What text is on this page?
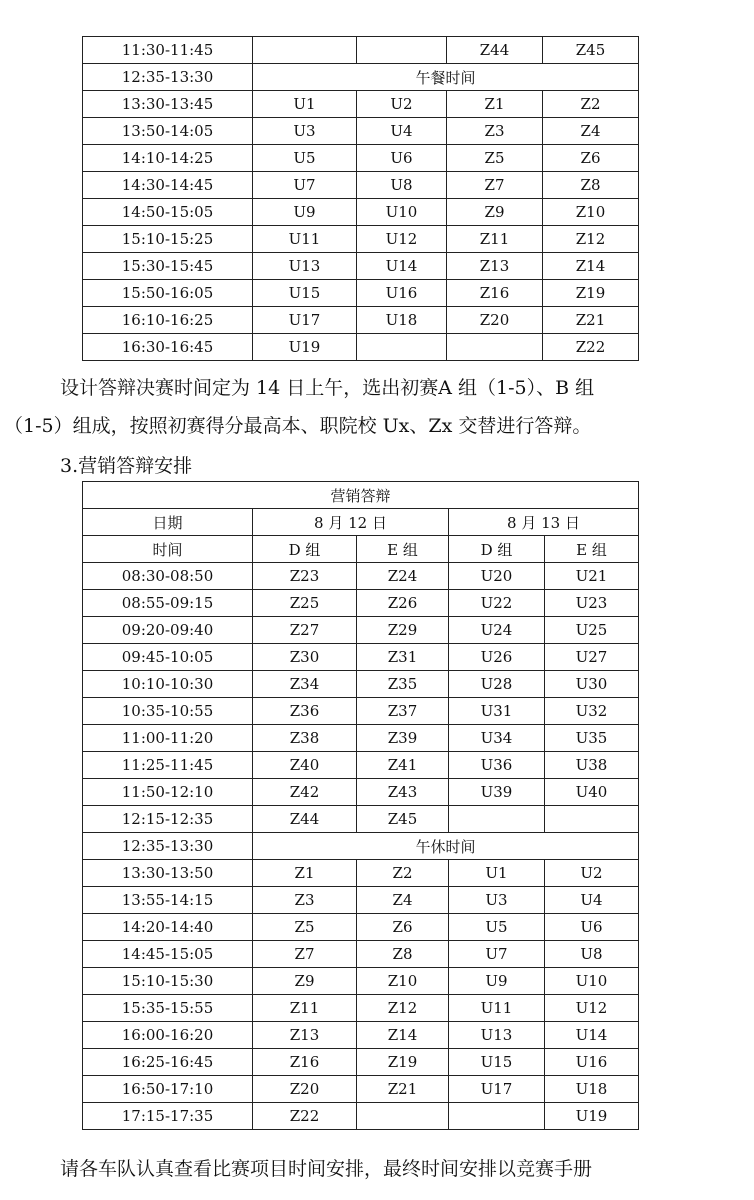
11:30-11:45			Z44	Z45
12:35-13:30	午餐时间			
13:30-13:45	U1	U2	Z1	Z2
13:50-14:05	U3	U4	Z3	Z4
14:10-14:25	U5	U6	Z5	Z6
14:30-14:45	U7	U8	Z7	Z8
14:50-15:05	U9	U10	Z9	Z10
15:10-15:25	U11	U12	Z11	Z12
15:30-15:45	U13	U14	Z13	Z14
15:50-16:05	U15	U16	Z16	Z19
16:10-16:25	U17	U18	Z20	Z21
16:30-16:45	U19			Z22
设计答辩决赛时间定为 14 日上午，选出初赛A 组（1-5）、B 组
（1-5）组成，按照初赛得分最高本、职院校 Ux、Zx 交替进行答辩。
3.营销答辩安排
营销答辩				
日期	8 月 12 日		8 月 13 日	
时间	D 组	E 组	D 组	E 组
08:30-08:50	Z23	Z24	U20	U21
08:55-09:15	Z25	Z26	U22	U23
09:20-09:40	Z27	Z29	U24	U25
09:45-10:05	Z30	Z31	U26	U27
10:10-10:30	Z34	Z35	U28	U30
10:35-10:55	Z36	Z37	U31	U32
11:00-11:20	Z38	Z39	U34	U35
11:25-11:45	Z40	Z41	U36	U38
11:50-12:10	Z42	Z43	U39	U40
12:15-12:35	Z44	Z45		
12:35-13:30	午休时间			
13:30-13:50	Z1	Z2	U1	U2
13:55-14:15	Z3	Z4	U3	U4
14:20-14:40	Z5	Z6	U5	U6
14:45-15:05	Z7	Z8	U7	U8
15:10-15:30	Z9	Z10	U9	U10
15:35-15:55	Z11	Z12	U11	U12
16:00-16:20	Z13	Z14	U13	U14
16:25-16:45	Z16	Z19	U15	U16
16:50-17:10	Z20	Z21	U17	U18
17:15-17:35	Z22			U19
请各车队认真查看比赛项目时间安排，最终时间安排以竞赛手册
